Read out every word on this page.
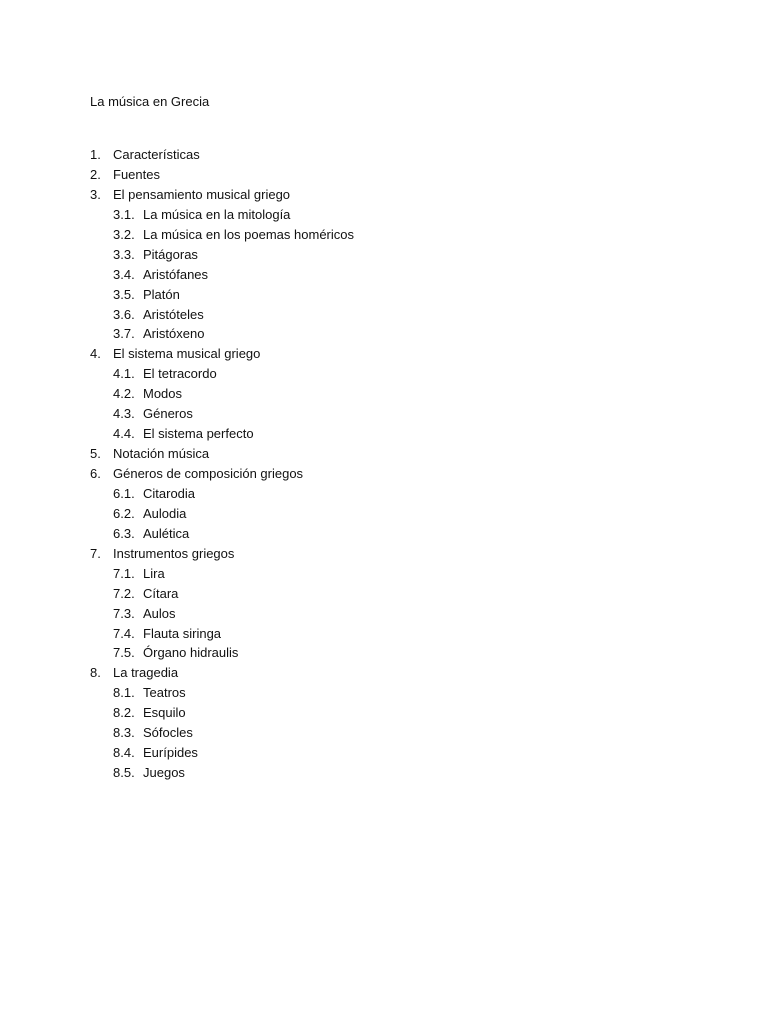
La música en Grecia
1. Características
2. Fuentes
3. El pensamiento musical griego
3.1. La música en la mitología
3.2. La música en los poemas homéricos
3.3. Pitágoras
3.4. Aristófanes
3.5. Platón
3.6. Aristóteles
3.7. Aristóxeno
4. El sistema musical griego
4.1. El tetracordo
4.2. Modos
4.3. Géneros
4.4. El sistema perfecto
5. Notación música
6. Géneros de composición griegos
6.1. Citarodia
6.2. Aulodia
6.3. Aulética
7. Instrumentos griegos
7.1. Lira
7.2. Cítara
7.3. Aulos
7.4. Flauta siringa
7.5. Órgano hidraulis
8. La tragedia
8.1. Teatros
8.2. Esquilo
8.3. Sófocles
8.4. Eurípides
8.5. Juegos
